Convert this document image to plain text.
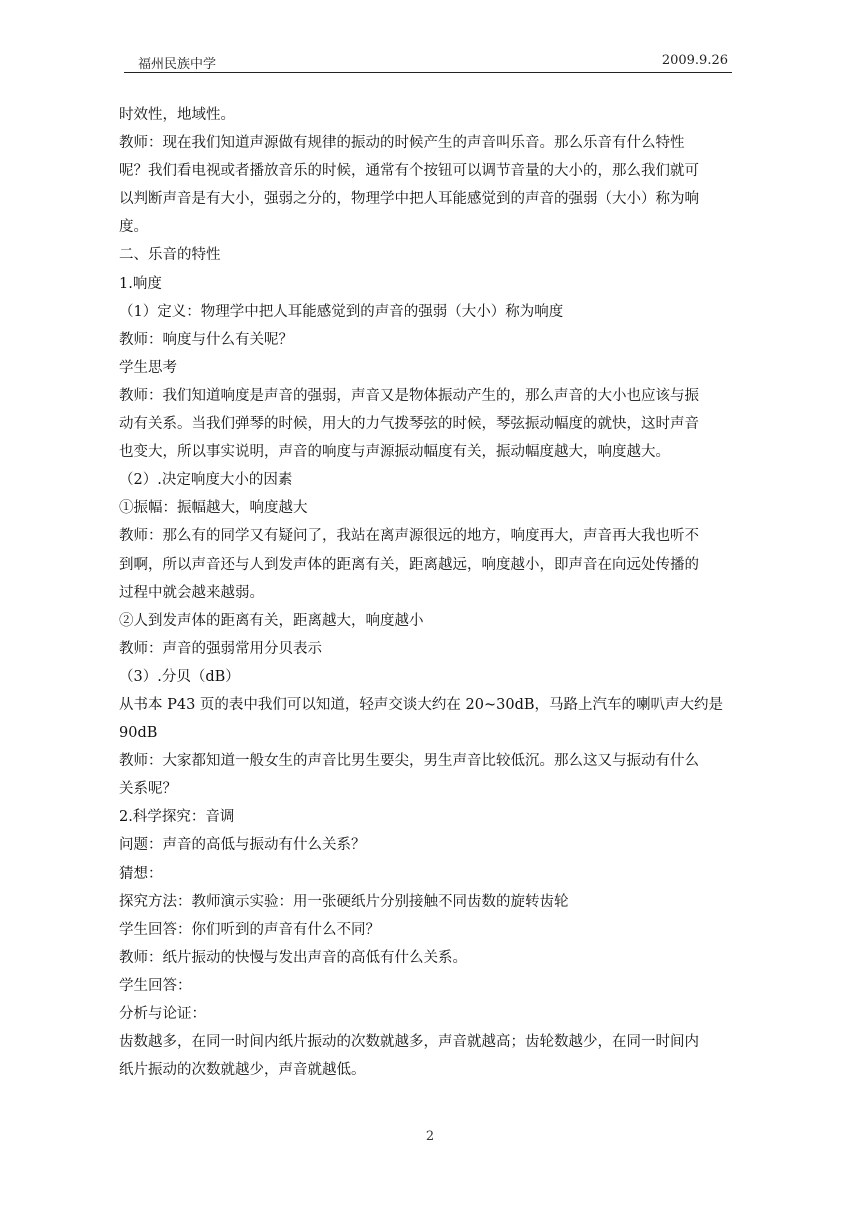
福州民族中学	2009.9.26
时效性，地域性。
教师：现在我们知道声源做有规律的振动的时候产生的声音叫乐音。那么乐音有什么特性
呢？我们看电视或者播放音乐的时候，通常有个按钮可以调节音量的大小的，那么我们就可
以判断声音是有大小，强弱之分的，物理学中把人耳能感觉到的声音的强弱（大小）称为响
度。
二、乐音的特性
1.响度
（1）定义：物理学中把人耳能感觉到的声音的强弱（大小）称为响度
教师：响度与什么有关呢？
学生思考
教师：我们知道响度是声音的强弱，声音又是物体振动产生的，那么声音的大小也应该与振
动有关系。当我们弹琴的时候，用大的力气拨琴弦的时候，琴弦振动幅度的就快，这时声音
也变大，所以事实说明，声音的响度与声源振动幅度有关，振动幅度越大，响度越大。
（2）.决定响度大小的因素
①振幅：振幅越大，响度越大
教师：那么有的同学又有疑问了，我站在离声源很远的地方，响度再大，声音再大我也听不
到啊，所以声音还与人到发声体的距离有关，距离越远，响度越小，即声音在向远处传播的
过程中就会越来越弱。
②人到发声体的距离有关，距离越大，响度越小
教师：声音的强弱常用分贝表示
（3）.分贝（dB）
从书本 P43 页的表中我们可以知道，轻声交谈大约在 20~30dB，马路上汽车的喇叭声大约是
90dB
教师：大家都知道一般女生的声音比男生要尖，男生声音比较低沉。那么这又与振动有什么
关系呢？
2.科学探究：音调
问题：声音的高低与振动有什么关系？
猜想：
探究方法：教师演示实验：用一张硬纸片分别接触不同齿数的旋转齿轮
学生回答：你们听到的声音有什么不同？
教师：纸片振动的快慢与发出声音的高低有什么关系。
学生回答：
分析与论证：
齿数越多，在同一时间内纸片振动的次数就越多，声音就越高；齿轮数越少，在同一时间内
纸片振动的次数就越少，声音就越低。
2
